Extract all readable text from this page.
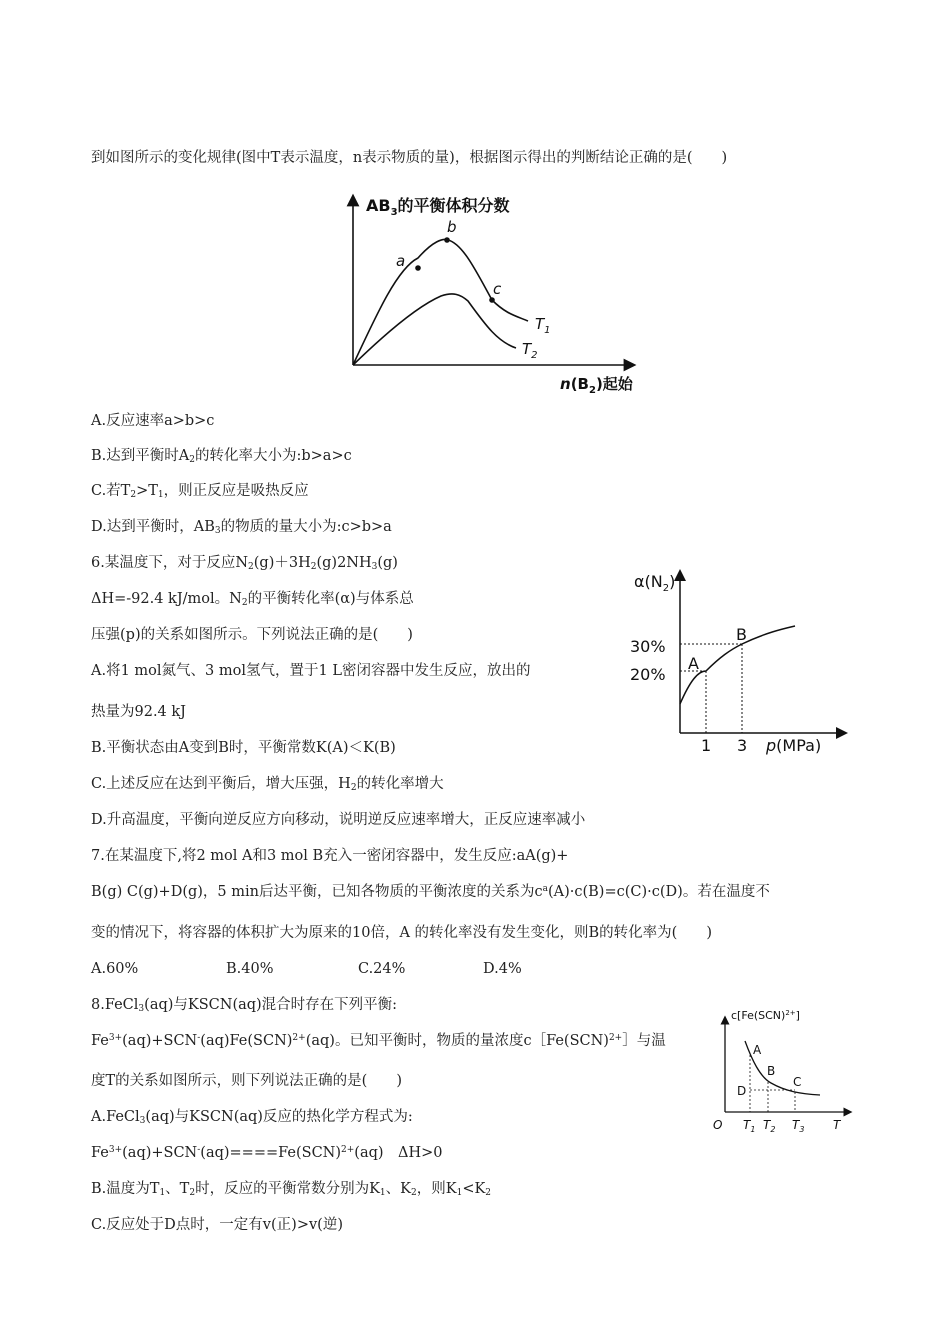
到如图所示的变化规律(图中T表示温度，n表示物质的量)，根据图示得出的判断结论正确的是(　　)
$AB_3$的平衡体积分数
a
b
c
$T_1$
$T_2$
$n(B_2)$起始
A.反应速率a>b>c
B.达到平衡时$A_2$的转化率大小为:b>a>c
C.若$T_2>T_1$，则正反应是吸热反应
D.达到平衡时，$AB_3$的物质的量大小为:c>b>a
6.某温度下，对于反应$N_2(g)+3H_2(g)2NH_3(g)$
ΔH=-92.4 kJ/mol。$N_2$的平衡转化率(α)与体系总
压强(p)的关系如图所示。下列说法正确的是(　　)
A.将1 mol氮气、3 mol氢气，置于1 L密闭容器中发生反应，放出的
热量为92.4 kJ
B.平衡状态由A变到B时，平衡常数K(A)＜K(B)
C.上述反应在达到平衡后，增大压强，$H_2$的转化率增大
D.升高温度，平衡向逆反应方向移动，说明逆反应速率增大，正反应速率减小
$\alpha(N_2)$
30%
20%
B
A
1 3 p(MPa)
7.在某温度下,将2 mol A和3 mol B充入一密闭容器中，发生反应:aA(g)+
B(g) C(g)+D(g)，5 min后达平衡，已知各物质的平衡浓度的关系为$c^a(A)\cdot c(B)=c(C)\cdot c(D)$。若在温度不
变的情况下，将容器的体积扩大为原来的10倍，A 的转化率没有发生变化，则B的转化率为(　　)
A.60%	B.40%	C.24%	D.4%
8.FeCl$_3$(aq)与KSCN(aq)混合时存在下列平衡:
$Fe^{3+}(aq)+SCN^-(aq)Fe(SCN)^{2+}(aq)$。已知平衡时，物质的量浓度c［Fe(SCN)$^{2+}$］与温
度T的关系如图所示，则下列说法正确的是(　　)
A.FeCl$_3$(aq)与KSCN(aq)反应的热化学方程式为:
$Fe^{3+}(aq)+SCN^-(aq)====Fe(SCN)^{2+}(aq)$　ΔH>0
B.温度为$T_1$、$T_2$时，反应的平衡常数分别为$K_1$、$K_2$，则$K_1<K_2$
C.反应处于D点时，一定有v(正)>v(逆)
c[Fe(SCN)$^{2+}$]
A
B
C
D
O $T_1$ $T_2$ $T_3$ T
